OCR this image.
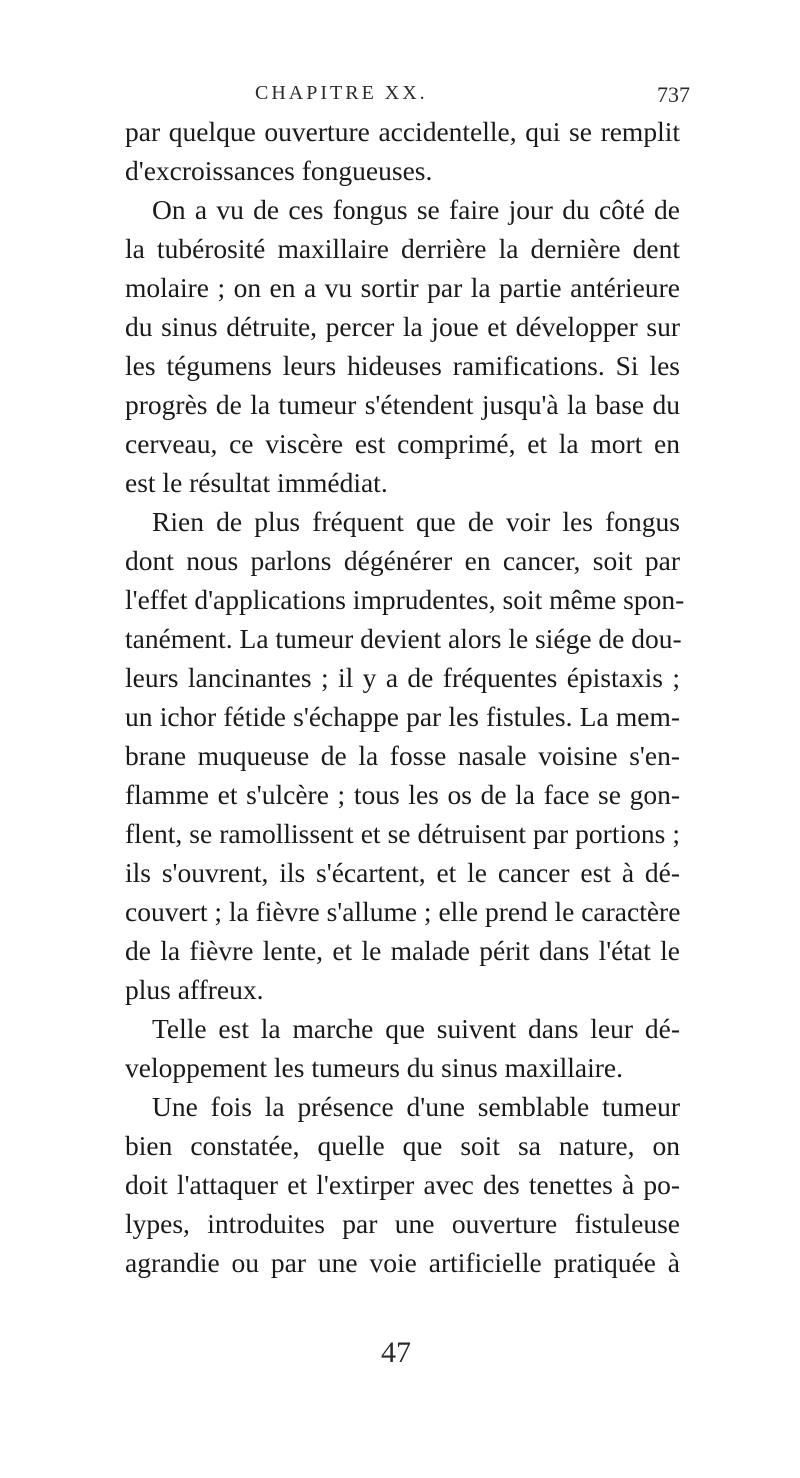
CHAPITRE XX.	737
par quelque ouverture accidentelle, qui se remplit
d'excroissances fongueuses.
On a vu de ces fongus se faire jour du côté de
la tubérosité maxillaire derrière la dernière dent
molaire ; on en a vu sortir par la partie antérieure
du sinus détruite, percer la joue et développer sur
les tégumens leurs hideuses ramifications. Si les
progrès de la tumeur s'étendent jusqu'à la base du
cerveau, ce viscère est comprimé, et la mort en
est le résultat immédiat.
Rien de plus fréquent que de voir les fongus
dont nous parlons dégénérer en cancer, soit par
l'effet d'applications imprudentes, soit même spon-
tanément. La tumeur devient alors le siége de dou-
leurs lancinantes ; il y a de fréquentes épistaxis ;
un ichor fétide s'échappe par les fistules. La mem-
brane muqueuse de la fosse nasale voisine s'en-
flamme et s'ulcère ; tous les os de la face se gon-
flent, se ramollissent et se détruisent par portions ;
ils s'ouvrent, ils s'écartent, et le cancer est à dé-
couvert ; la fièvre s'allume ; elle prend le caractère
de la fièvre lente, et le malade périt dans l'état le
plus affreux.
Telle est la marche que suivent dans leur dé-
veloppement les tumeurs du sinus maxillaire.
Une fois la présence d'une semblable tumeur
bien constatée, quelle que soit sa nature, on
doit l'attaquer et l'extirper avec des tenettes à po-
lypes, introduites par une ouverture fistuleuse
agrandie ou par une voie artificielle pratiquée à
47
